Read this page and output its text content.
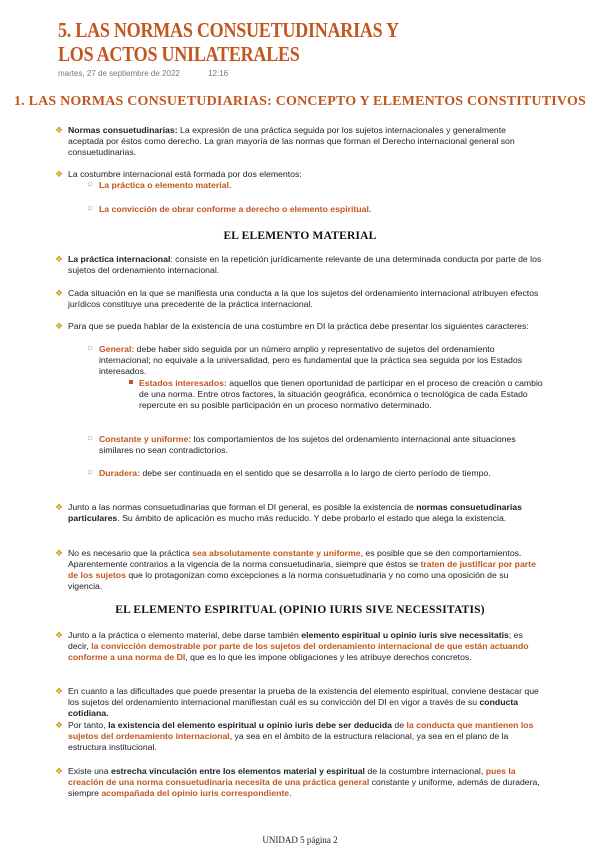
5. LAS NORMAS CONSUETUDINARIAS Y LOS ACTOS UNILATERALES
martes, 27 de septiembre de 2022	12:16
1. LAS NORMAS CONSUETUDIARIAS: CONCEPTO Y ELEMENTOS CONSTITUTIVOS
❖ Normas consuetudinarias: La expresión de una práctica seguida por los sujetos internacionales y generalmente aceptada por éstos como derecho. La gran mayoría de las normas que forman el Derecho internacional general son consuetudinarias.
❖ La costumbre internacional está formada por dos elementos:
○ La práctica o elemento material.
○ La convicción de obrar conforme a derecho o elemento espiritual.
EL ELEMENTO MATERIAL
❖ La práctica internacional: consiste en la repetición jurídicamente relevante de una determinada conducta por parte de los sujetos del ordenamiento internacional.
❖ Cada situación en la que se manifiesta una conducta a la que los sujetos del ordenamiento internacional atribuyen efectos jurídicos constituye una precedente de la práctica internacional.
❖ Para que se pueda hablar de la existencia de una costumbre en DI la práctica debe presentar los siguientes caracteres:
○ General: debe haber sido seguida por un número amplio y representativo de sujetos del ordenamiento internacional; no equivale a la universalidad, pero es fundamental que la práctica sea seguida por los Estados interesados.
Estados interesados: aquellos que tienen oportunidad de participar en el proceso de creación o cambio de una norma. Entre otros factores, la situación geográfica, económica o tecnológica de cada Estado repercute en su posible participación en un proceso normativo determinado.
○ Constante y uniforme: los comportamientos de los sujetos del ordenamiento internacional ante situaciones similares no sean contradictorios.
○ Duradera: debe ser continuada en el sentido que se desarrolla a lo largo de cierto período de tiempo.
❖ Junto a las normas consuetudinarias que forman el DI general, es posible la existencia de normas consuetudinarias particulares. Su ámbito de aplicación es mucho más reducido. Y debe probarlo el estado que alega la existencia.
❖ No es necesario que la práctica sea absolutamente constante y uniforme, es posible que se den comportamientos. Aparentemente contrarios a la vigencia de la norma consuetudinaria, siempre que éstos se traten de justificar por parte de los sujetos que lo protagonizan como excepciones a la norma consuetudinaria y no como una oposición de su vigencia.
EL ELEMENTO ESPIRITUAL (OPINIO IURIS SIVE NECESSITATIS)
❖ Junto a la práctica o elemento material, debe darse también elemento espiritual u opinio iuris sive necessitatis; es decir, la convicción demostrable por parte de los sujetos del ordenamiento internacional de que están actuando conforme a una norma de DI, que es lo que les impone obligaciones y les atribuye derechos concretos.
❖ En cuanto a las dificultades que puede presentar la prueba de la existencia del elemento espiritual, conviene destacar que los sujetos del ordenamiento internacional manifiestan cuál es su convicción del DI en vigor a través de su conducta cotidiana.
❖ Por tanto, la existencia del elemento espiritual u opinio iuris debe ser deducida de la conducta que mantienen los sujetos del ordenamiento internacional, ya sea en el ámbito de la estructura relacional, ya sea en el plano de la estructura institucional.
❖ Existe una estrecha vinculación entre los elementos material y espiritual de la costumbre internacional, pues la creación de una norma consuetudinaria necesita de una práctica general constante y uniforme, además de duradera, siempre acompañada del opinio iuris correspondiente.
UNIDAD 5 página 2
